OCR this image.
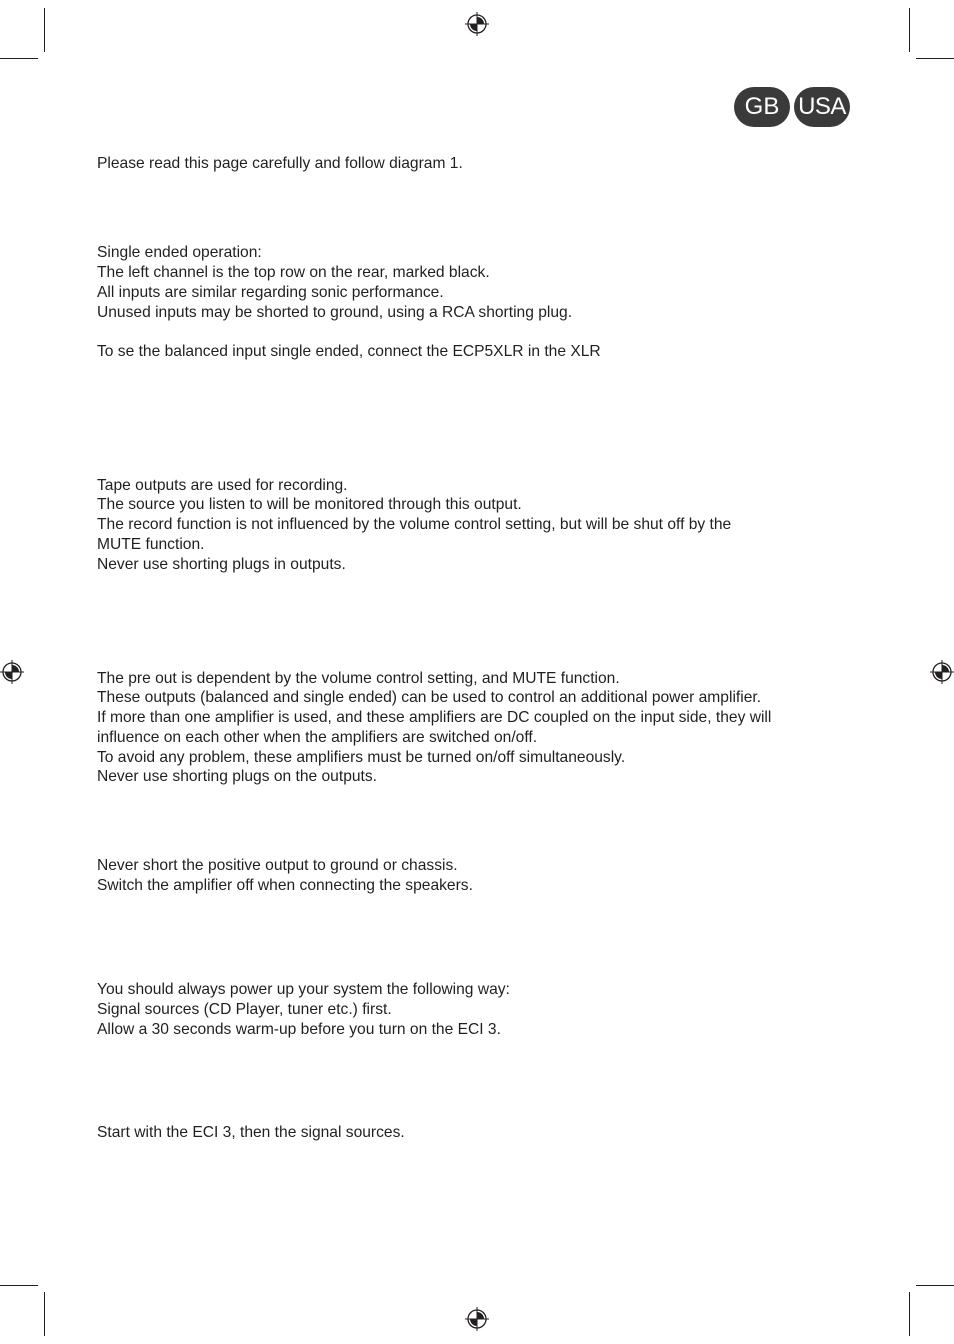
GB USA

Please read this page carefully and follow diagram 1.

Single ended operation:

The left channel is the top row on the rear, marked black.

All inputs are similar regarding sonic performance.

Unused inputs may be shorted to ground, using a RCA shorting plug.

To se the balanced input single ended, connect the ECP5XLR in the XLR

Tape outputs are used for recording.

The source you listen to will be monitored through this output.

The record function is not influenced by the volume control setting, but will be shut off by the

MUTE function.

Never use shorting plugs in outputs.

The pre out is dependent by the volume control setting, and MUTE function.

These outputs (balanced and single ended) can be used to control an additional power amplifier.

If more than one amplifier is used, and these amplifiers are DC coupled on the input side, they will

influence on each other when the amplifiers are switched on/off.

To avoid any problem, these amplifiers must be turned on/off simultaneously.

Never use shorting plugs on the outputs.

Never short the positive output to ground or chassis.

Switch the amplifier off when connecting the speakers.

You should always power up your system the following way:

Signal sources (CD Player, tuner etc.) first.

Allow a 30 seconds warm-up before you turn on the ECI 3.

Start with the ECI 3, then the signal sources.
